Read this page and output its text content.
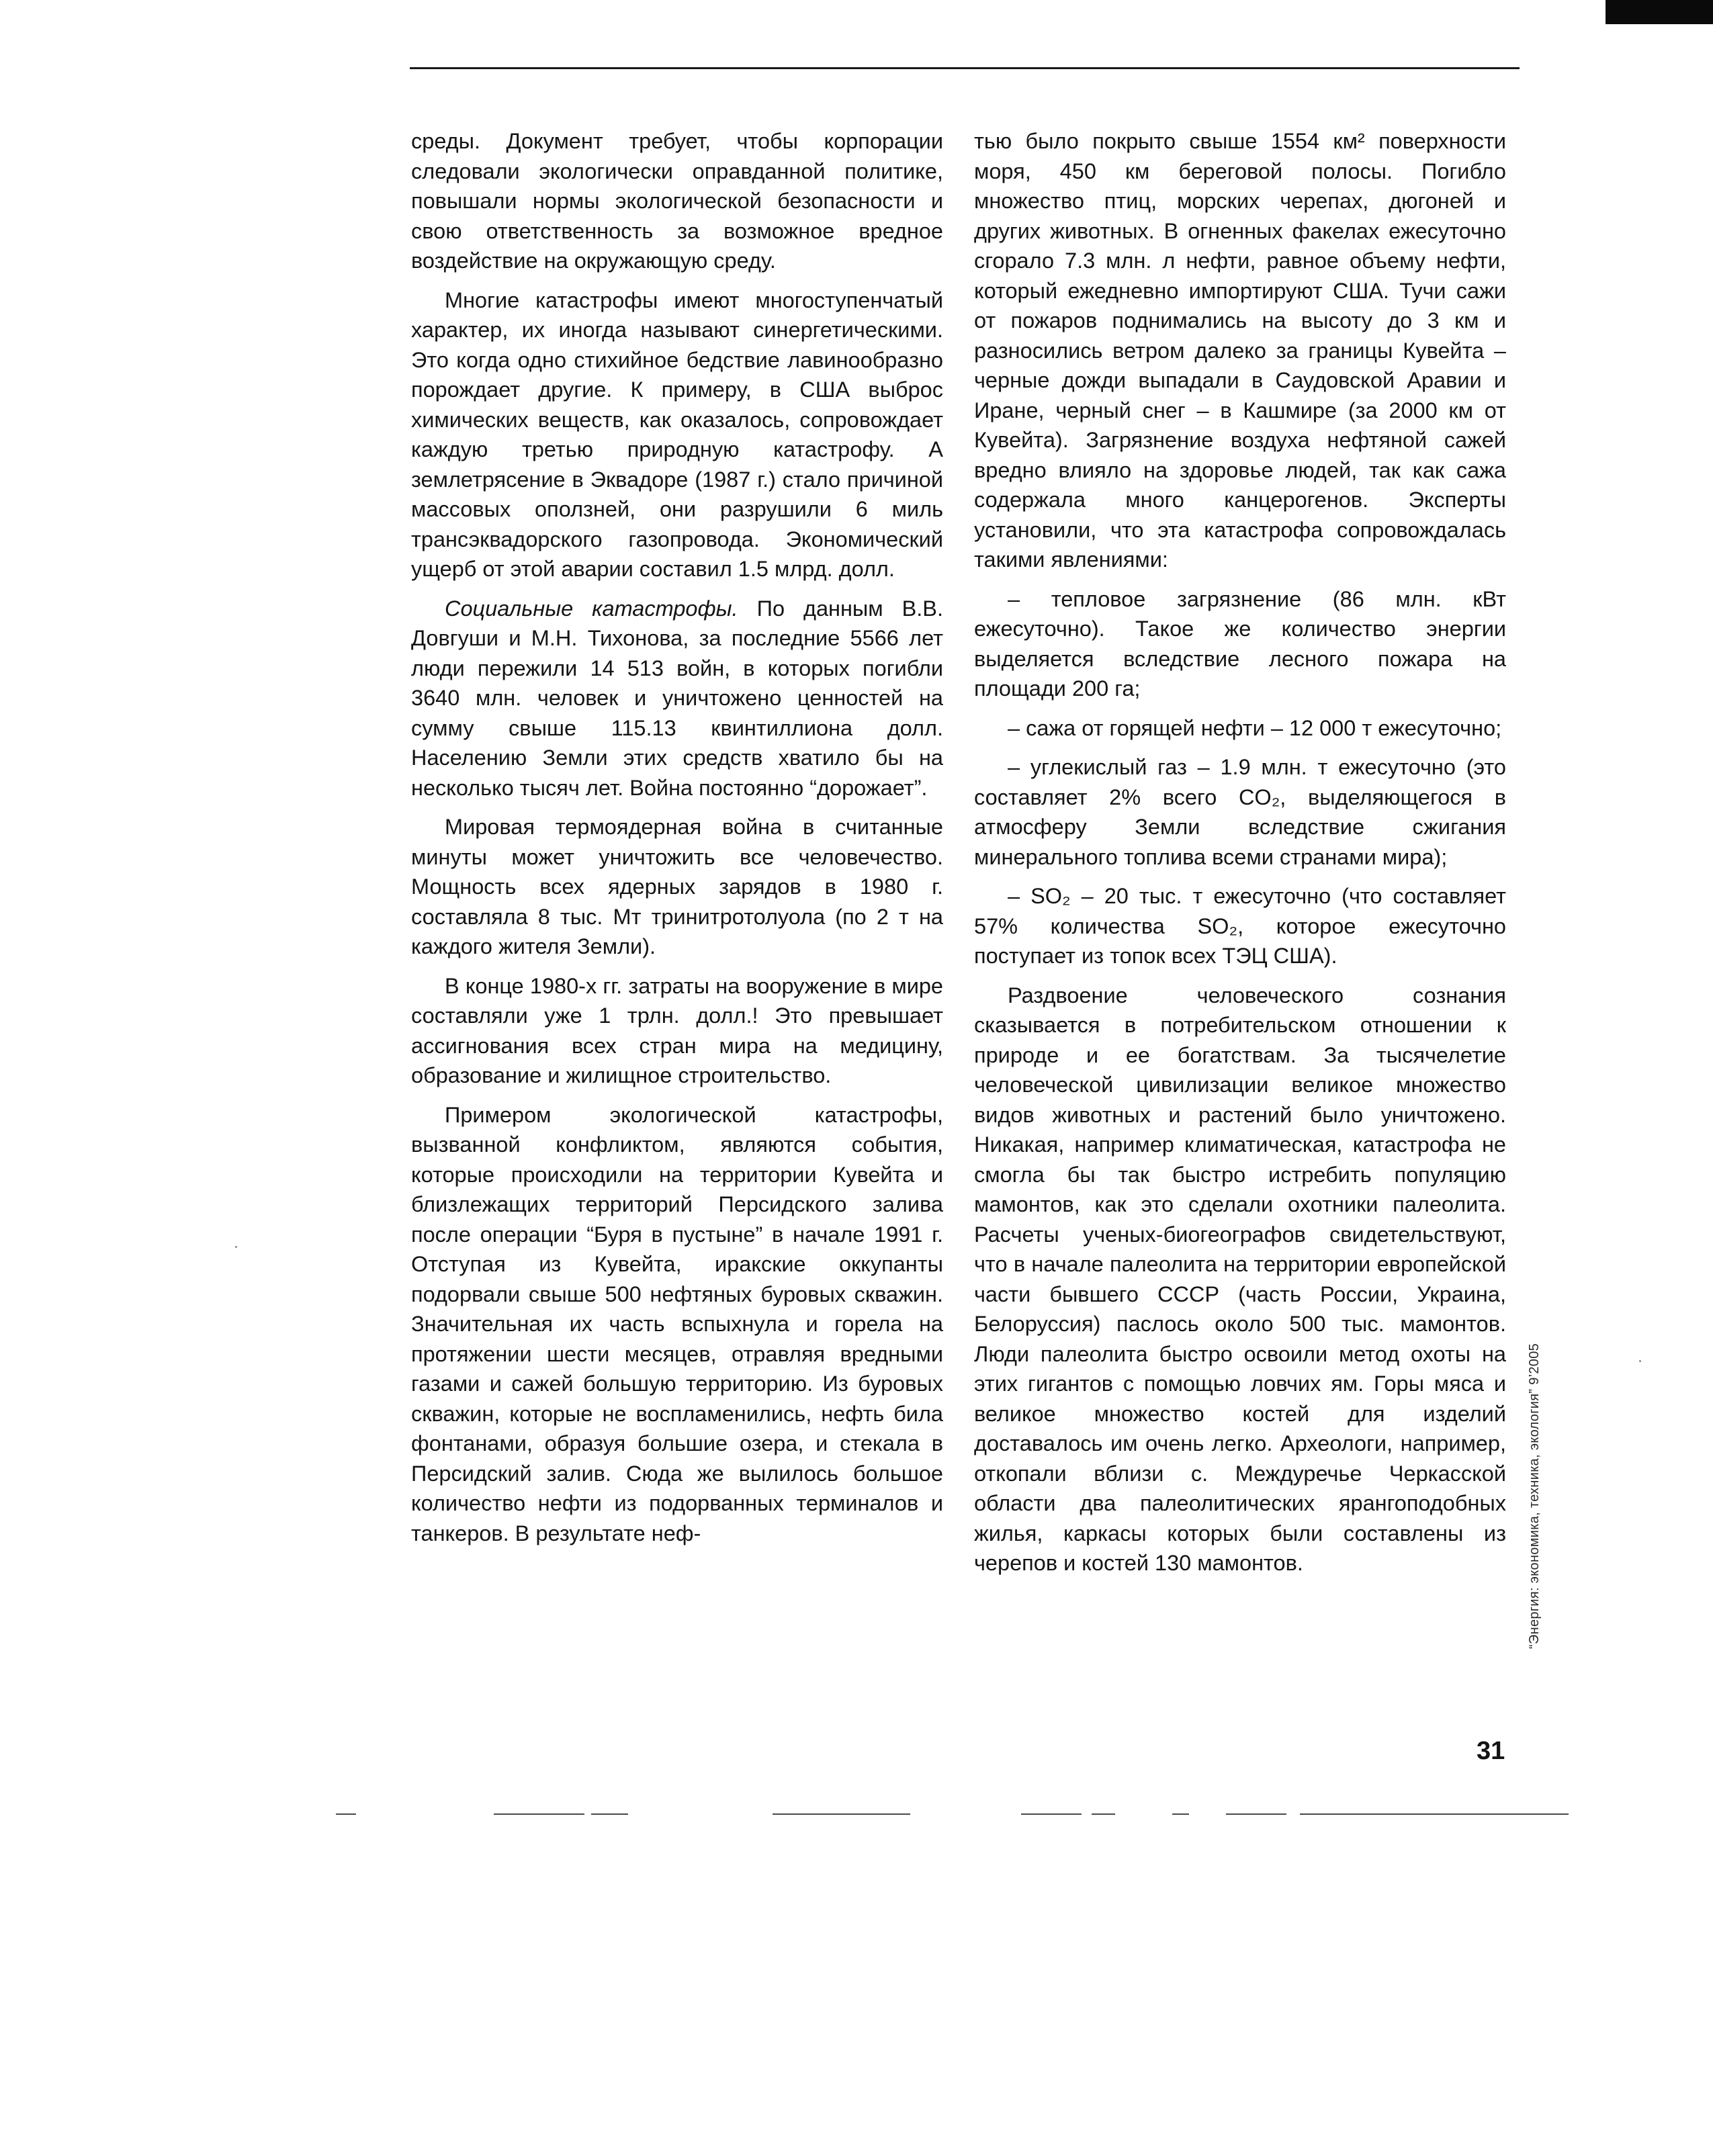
среды. Документ требует, чтобы корпорации следовали экологически оправданной политике, повышали нормы экологической безопасности и свою ответственность за возможное вредное воздействие на окружающую среду.

Многие катастрофы имеют многоступенчатый характер, их иногда называют синергетическими. Это когда одно стихийное бедствие лавинообразно порождает другие. К примеру, в США выброс химических веществ, как оказалось, сопровождает каждую третью природную катастрофу. А землетрясение в Эквадоре (1987 г.) стало причиной массовых оползней, они разрушили 6 миль трансэквадорского газопровода. Экономический ущерб от этой аварии составил 1.5 млрд. долл.

Социальные катастрофы. По данным В.В. Довгуши и М.Н. Тихонова, за последние 5566 лет люди пережили 14 513 войн, в которых погибли 3640 млн. человек и уничтожено ценностей на сумму свыше 115.13 квинтиллиона долл. Населению Земли этих средств хватило бы на несколько тысяч лет. Война постоянно “дорожает”.

Мировая термоядерная война в считанные минуты может уничтожить все человечество. Мощность всех ядерных зарядов в 1980 г. составляла 8 тыс. Мт тринитротолуола (по 2 т на каждого жителя Земли).

В конце 1980-х гг. затраты на вооружение в мире составляли уже 1 трлн. долл.! Это превышает ассигнования всех стран мира на медицину, образование и жилищное строительство.

Примером экологической катастрофы, вызванной конфликтом, являются события, которые происходили на территории Кувейта и близлежащих территорий Персидского залива после операции “Буря в пустыне” в начале 1991 г. Отступая из Кувейта, иракские оккупанты подорвали свыше 500 нефтяных буровых скважин. Значительная их часть вспыхнула и горела на протяжении шести месяцев, отравляя вредными газами и сажей большую территорию. Из буровых скважин, которые не воспламенились, нефть била фонтанами, образуя большие озера, и стекала в Персидский залив. Сюда же вылилось большое количество нефти из подорванных терминалов и танкеров. В результате неф-

тью было покрыто свыше 1554 км² поверхности моря, 450 км береговой полосы. Погибло множество птиц, морских черепах, дюгоней и других животных. В огненных факелах ежесуточно сгорало 7.3 млн. л нефти, равное объему нефти, который ежедневно импортируют США. Тучи сажи от пожаров поднимались на высоту до 3 км и разносились ветром далеко за границы Кувейта – черные дожди выпадали в Саудовской Аравии и Иране, черный снег – в Кашмире (за 2000 км от Кувейта). Загрязнение воздуха нефтяной сажей вредно влияло на здоровье людей, так как сажа содержала много канцерогенов. Эксперты установили, что эта катастрофа сопровождалась такими явлениями:

– тепловое загрязнение (86 млн. кВт ежесуточно). Такое же количество энергии выделяется вследствие лесного пожара на площади 200 га;

– сажа от горящей нефти – 12 000 т ежесуточно;

– углекислый газ – 1.9 млн. т ежесуточно (это составляет 2% всего CO₂, выделяющегося в атмосферу Земли вследствие сжигания минерального топлива всеми странами мира);

– SO₂ – 20 тыс. т ежесуточно (что составляет 57% количества SO₂, которое ежесуточно поступает из топок всех ТЭЦ США).

Раздвоение человеческого сознания сказывается в потребительском отношении к природе и ее богатствам. За тысячелетие человеческой цивилизации великое множество видов животных и растений было уничтожено. Никакая, например климатическая, катастрофа не смогла бы так быстро истребить популяцию мамонтов, как это сделали охотники палеолита. Расчеты ученых-биогеографов свидетельствуют, что в начале палеолита на территории европейской части бывшего СССР (часть России, Украина, Белоруссия) паслось около 500 тыс. мамонтов. Люди палеолита быстро освоили метод охоты на этих гигантов с помощью ловчих ям. Горы мяса и великое множество костей для изделий доставалось им очень легко. Археологи, например, откопали вблизи с. Междуречье Черкасской области два палеолитических ярангоподобных жилья, каркасы которых были составлены из черепов и костей 130 мамонтов.	“Энергия: экономика, техника, экология” 9’2005
31
